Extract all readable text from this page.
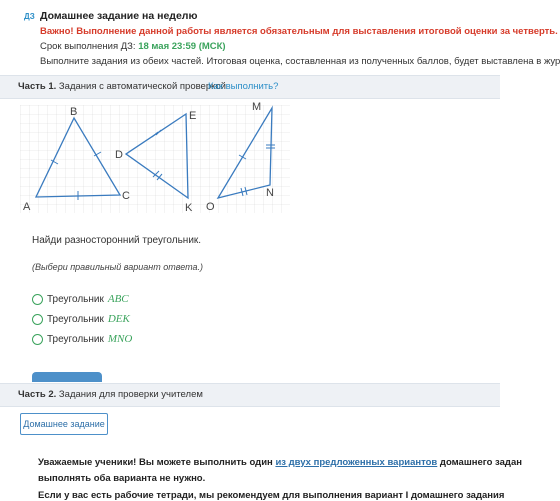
ДЗ Домашнее задание на неделю
Важно! Выполнение данной работы является обязательным для выставления итоговой оценки за четверть.
Срок выполнения ДЗ: 18 мая 23:59 (МСК)
Выполните задания из обеих частей. Итоговая оценка, составленная из полученных баллов, будет выставлена в жур
Часть 1. Задания с автоматической проверкой
Как выполнить?
B
A
C
E
D
K
M
O
N
Найди разносторонний треугольник.
(Выбери правильный вариант ответа.)
Треугольник ABC
Треугольник DEK
Треугольник MNO
Часть 2. Задания для проверки учителем
Домашнее задание
Уважаемые ученики! Вы можете выполнить один из двух предложенных вариантов домашнего задан
выполнять оба варианта не нужно.
Если у вас есть рабочие тетради, мы рекомендуем для выполнения вариант I домашнего задания
